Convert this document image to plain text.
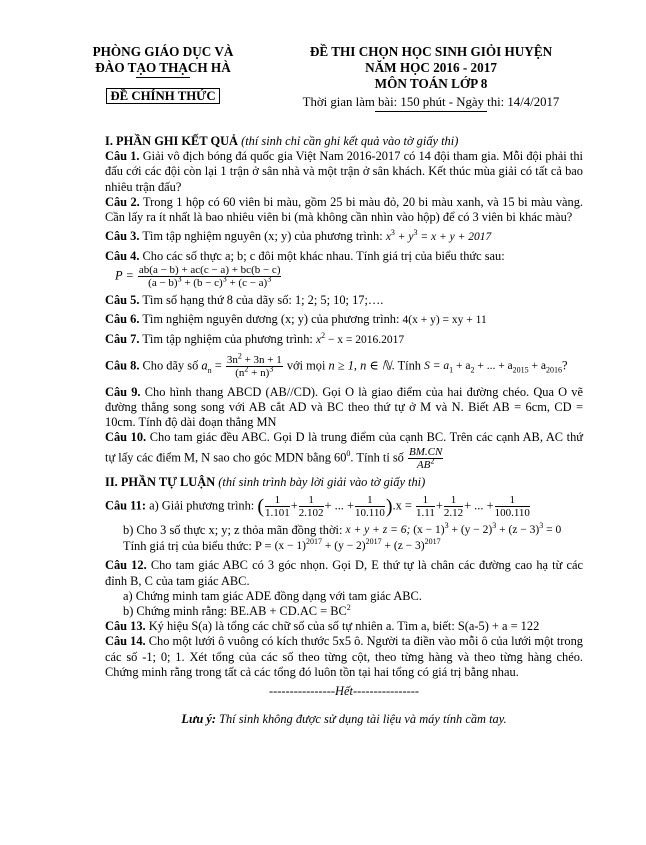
PHÒNG GIÁO DỤC VÀ
ĐÀO TẠO THẠCH HÀ
ĐỀ CHÍNH THỨC
ĐỀ THI CHỌN HỌC SINH GIỎI HUYỆN
NĂM HỌC 2016 - 2017
MÔN TOÁN LỚP 8
Thời gian làm bài: 150 phút - Ngày thi: 14/4/2017

I. PHẦN GHI KẾT QUẢ (thí sinh chỉ cần ghi kết quả vào tờ giấy thi)

Câu 1. Giải vô địch bóng đá quốc gia Việt Nam 2016-2017 có 14 đội tham gia. Mỗi đội phải thi đấu cới các đội còn lại 1 trận ở sân nhà và một trận ở sân khách. Kết thúc mùa giải có tất cả bao nhiêu trận đấu?

Câu 2. Trong 1 hộp có 60 viên bi màu, gồm 25 bi màu đỏ, 20 bi màu xanh, và 15 bi màu vàng. Cần lấy ra ít nhất là bao nhiêu viên bi (mà không cần nhìn vào hộp) để có 3 viên bi khác màu?

Câu 3. Tìm tập nghiệm nguyên (x; y) của phương trình: $x^3 + y^3 = x + y + 2017$

Câu 4. Cho các số thực a; b; c đôi một khác nhau. Tính giá trị của biểu thức sau:

$P = \frac{ab(a - b) + ac(c - a) + bc(b - c)}{(a - b)^3 + (b - c)^3 + (c - a)^3}$

Câu 5. Tìm số hạng thứ 8 của dãy số: 1; 2; 5; 10; 17;….

Câu 6. Tìm nghiệm nguyên dương (x; y) của phương trình: 4(x + y) = xy + 11

Câu 7. Tìm tập nghiệm của phương trình: $x^2 - x = 2016.2017$

Câu 8. Cho dãy số $a_n = \frac{3n^2 + 3n + 1}{(n^2 + n)^3}$ với mọi n ≥ 1, n ∈ ℕ. Tính $S = a_1 + a_2$ + ... + $a_{2015} + a_{2016}$?

Câu 9. Cho hình thang ABCD (AB//CD). Gọi O là giao điểm của hai đường chéo. Qua O vẽ đường thẳng song song với AB cắt AD và BC theo thứ tự ở M và N. Biết AB = 6cm, CD = 10cm. Tính độ dài đoạn thẳng MN

Câu 10. Cho tam giác đều ABC. Gọi D là trung điểm của cạnh BC. Trên các cạnh AB, AC thứ tự lấy các điểm M, N sao cho góc MDN bằng $60^0$. Tính tỉ số $\frac{BM.CN}{AB^2}$

II. PHẦN TỰ LUẬN (thí sinh trình bày lời giải vào tờ giấy thi)

Câu 11: a) Giải phương trình: ( $\frac{1}{1.101} + \frac{1}{2.102}$ + ... + $\frac{1}{10.110} ).x = \frac{1}{1.11} + \frac{1}{2.12}$ + ... + $\frac{1}{100.110}$

b) Cho 3 số thực x; y; z thỏa mãn đồng thời: x + y + z = 6; $(x - 1)^3 + (y - 2)^3 + (z - 3)^3 = 0$

Tính giá trị của biểu thức: $P = (x - 1)^{2017} + (y - 2)^{2017} + (z - 3)^{2017}$

Câu 12. Cho tam giác ABC có 3 góc nhọn. Gọi D, E thứ tự là chân các đường cao hạ từ các đỉnh B, C của tam giác ABC.

a) Chứng minh tam giác ADE đồng dạng với tam giác ABC.

b) Chứng minh rằng: $BE.AB + CD.AC = BC^2$

Câu 13. Ký hiệu S(a) là tổng các chữ số của số tự nhiên a. Tìm a, biết: S(a-5) + a = 122

Câu 14. Cho một lưới ô vuông có kích thước 5x5 ô. Người ta điền vào mỗi ô của lưới một trong các số -1; 0; 1. Xét tổng của các số theo từng cột, theo từng hàng và theo từng hàng chéo. Chứng minh rằng trong tất cả các tổng đó luôn tồn tại hai tổng có giá trị bằng nhau.

----------------Hết----------------

Lưu ý: Thí sinh không được sử dụng tài liệu và máy tính cầm tay.
